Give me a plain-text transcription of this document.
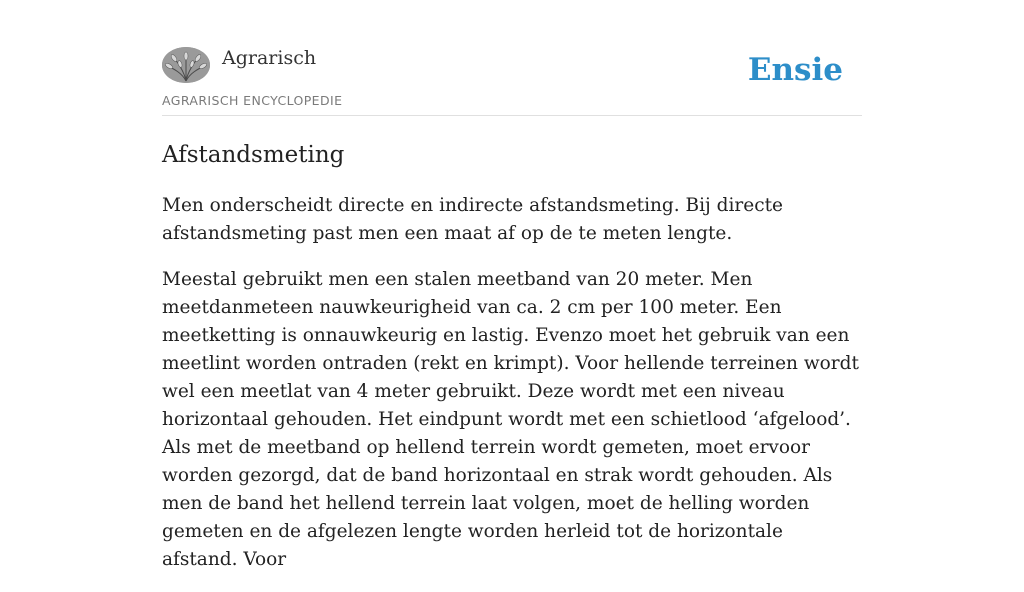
Agrarisch
AGRARISCH ENCYCLOPEDIE
Ensie
Afstandsmeting

Men onderscheidt directe en indirecte afstandsmeting. Bij directe afstandsmeting past men een maat af op de te meten lengte.

Meestal gebruikt men een stalen meetband van 20 meter. Men meetdanmeteen nauwkeurigheid van ca. 2 cm per 100 meter. Een meetketting is onnauwkeurig en lastig. Evenzo moet het gebruik van een meetlint worden ontraden (rekt en krimpt). Voor hellende terreinen wordt wel een meetlat van 4 meter gebruikt. Deze wordt met een niveau horizontaal gehouden. Het eindpunt wordt met een schietlood ‘afgelood’. Als met de meetband op hellend terrein wordt gemeten, moet ervoor worden gezorgd, dat de band horizontaal en strak wordt gehouden. Als men de band het hellend terrein laat volgen, moet de helling worden gemeten en de afgelezen lengte worden herleid tot de horizontale afstand. Voor
